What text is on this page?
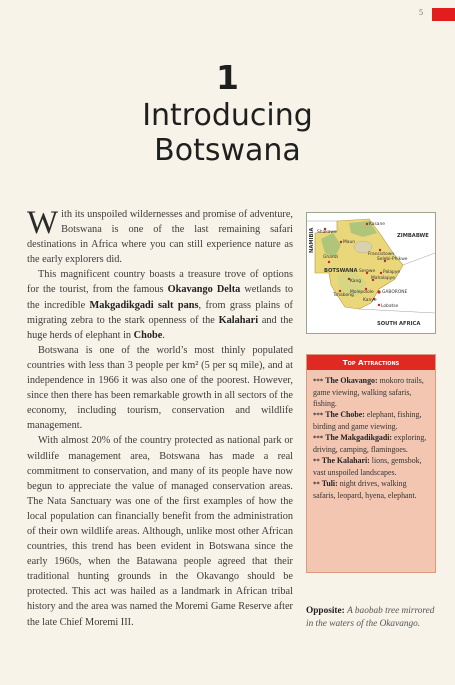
5
1
Introducing Botswana

With its unspoiled wildernesses and promise of adventure, Botswana is one of the last remaining safari destinations in Africa where you can still experience nature as the early explorers did.

This magnificent country boasts a treasure trove of options for the tourist, from the famous Okavango Delta wetlands to the incredible Makgadikgadi salt pans, from grass plains of migrating zebra to the stark openness of the Kalahari and the huge herds of elephant in Chobe.

Botswana is one of the world’s most thinly populated countries with less than 3 people per km² (5 per sq mile), and at independence in 1966 it was also one of the poorest. However, since then there has been remarkable growth in all sectors of the economy, including tourism, conservation and wildlife management.

With almost 20% of the country protected as national park or wildlife management area, Botswana has made a real commitment to conservation, and many of its people have now begun to appreciate the value of managed conservation areas. The Nata Sanctuary was one of the first examples of how the local population can financially benefit from the administration of their own wildlife areas. Although, unlike most other African countries, this trend has been evident in Botswana since the early 1960s, when the Batawana people agreed that their traditional hunting grounds in the Okavango should be protected. This act was hailed as a landmark in African tribal history and the area was named the Moremi Game Reserve after the late Chief Moremi III.

NAMIBIA	ZIMBABWE
BOTSWANA
SOUTH AFRICA
Shakawe
Maun
Kasane
Francistown
Ghanzi	Selebi-Phikwe
Serowe Palapye
Mahalapye
Tshabong
Molepolole GABORONE
Kanye
Lobatse
Kang
Top Attractions

*** The Okavango: mokoro trails, game viewing, walking safaris, fishing.

*** The Chobe: elephant, fishing, birding and game viewing.

*** The Makgadikgadi: exploring, driving, camping, flamingoes.

** The Kalahari: lions, gemsbok, vast unspoiled landscapes.

** Tuli: night drives, walking safaris, leopard, hyena, elephant.

Opposite: A baobab tree mirrored in the waters of the Okavango.
